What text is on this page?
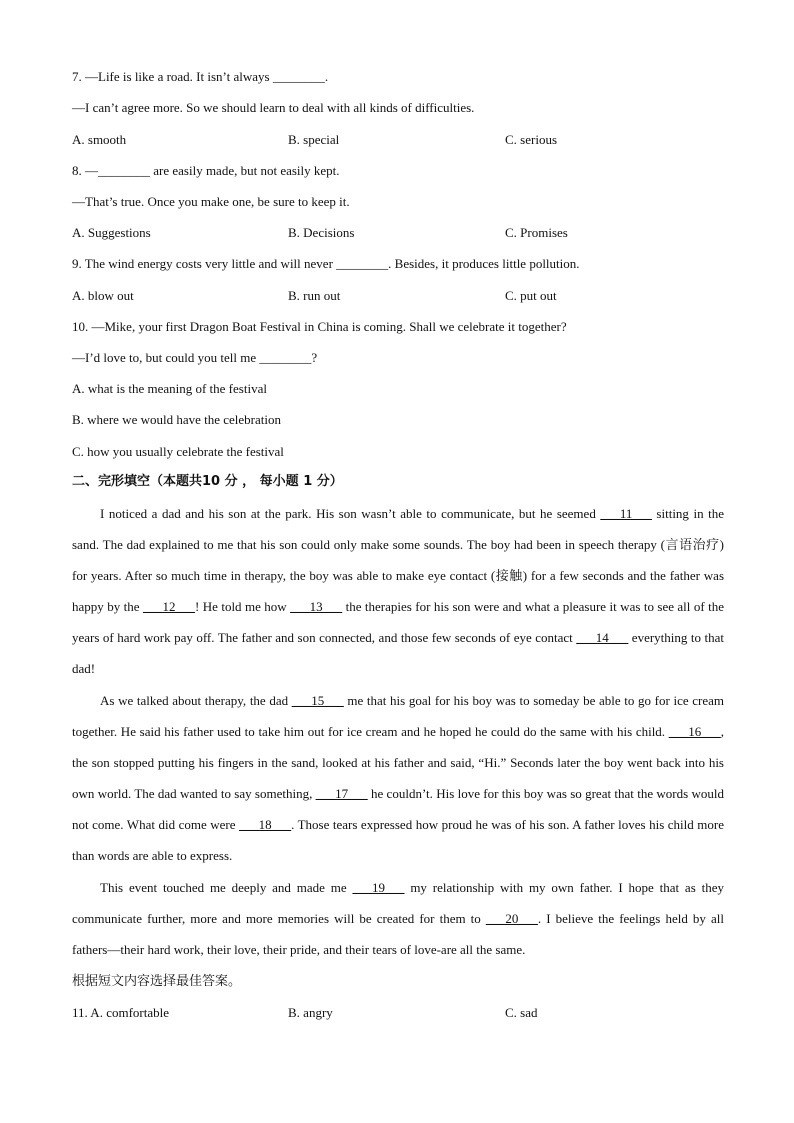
7. —Life is like a road. It isn’t always ________.
—I can’t agree more. So we should learn to deal with all kinds of difficulties.
A. smooth	B. special	C. serious
8. —________ are easily made, but not easily kept.
—That’s true. Once you make one, be sure to keep it.
A. Suggestions	B. Decisions	C. Promises
9. The wind energy costs very little and will never ________. Besides, it produces little pollution.
A. blow out	B. run out	C. put out
10. —Mike, your first Dragon Boat Festival in China is coming. Shall we celebrate it together?
—I’d love to, but could you tell me ________?
A. what is the meaning of the festival
B. where we would have the celebration
C. how you usually celebrate the festival
二、完形填空（本题共10 分 ， 每小题 1 分）
I noticed a dad and his son at the park. His son wasn’t able to communicate, but he seemed ___11___ sitting in the sand. The dad explained to me that his son could only make some sounds. The boy had been in speech therapy (言语治疗) for years. After so much time in therapy, the boy was able to make eye contact (接触) for a few seconds and the father was happy by the ___12___! He told me how ___13___ the therapies for his son were and what a pleasure it was to see all of the years of hard work pay off. The father and son connected, and those few seconds of eye contact ___14___ everything to that dad!
As we talked about therapy, the dad ___15___ me that his goal for his boy was to someday be able to go for ice cream together. He said his father used to take him out for ice cream and he hoped he could do the same with his child. ___16___, the son stopped putting his fingers in the sand, looked at his father and said, “Hi.” Seconds later the boy went back into his own world. The dad wanted to say something, ___17___ he couldn’t. His love for this boy was so great that the words would not come. What did come were ___18___. Those tears expressed how proud he was of his son. A father loves his child more than words are able to express.
This event touched me deeply and made me ___19___ my relationship with my own father. I hope that as they communicate further, more and more memories will be created for them to ___20___. I believe the feelings held by all fathers—their hard work, their love, their pride, and their tears of love-are all the same.
根据短文内容选择最佳答案。
11. A. comfortable	B. angry	C. sad
